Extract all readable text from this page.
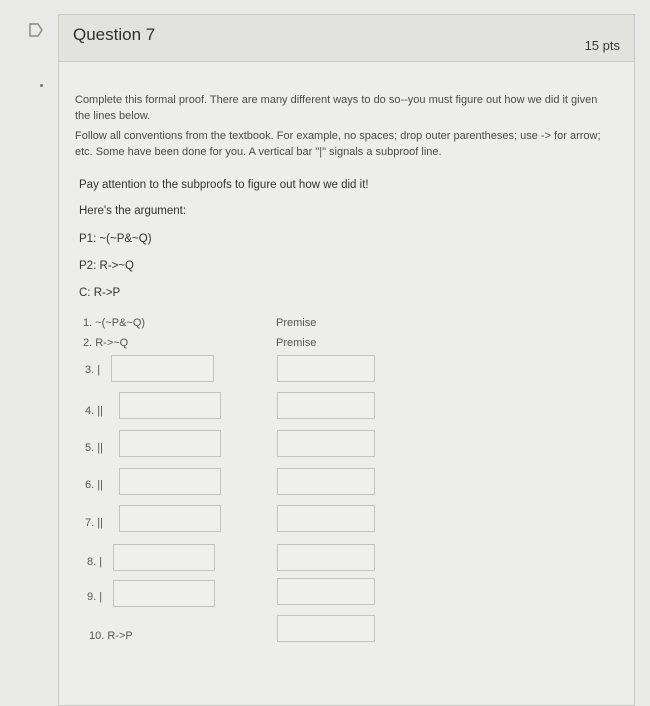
Question 7
15 pts
Complete this formal proof. There are many different ways to do so--you must figure out how we did it given the lines below.
Follow all conventions from the textbook. For example, no spaces; drop outer parentheses; use -> for arrow; etc. Some have been done for you. A vertical bar "|" signals a subproof line.
Pay attention to the subproofs to figure out how we did it!
Here's the argument:
P1: ~(~P&~Q)
P2: R->~Q
C: R->P
1. ~(~P&~Q)	Premise
2. R->~Q	Premise
3. |
4. ||
5. ||
6. ||
7. ||
8. |
9. |
10. R->P
